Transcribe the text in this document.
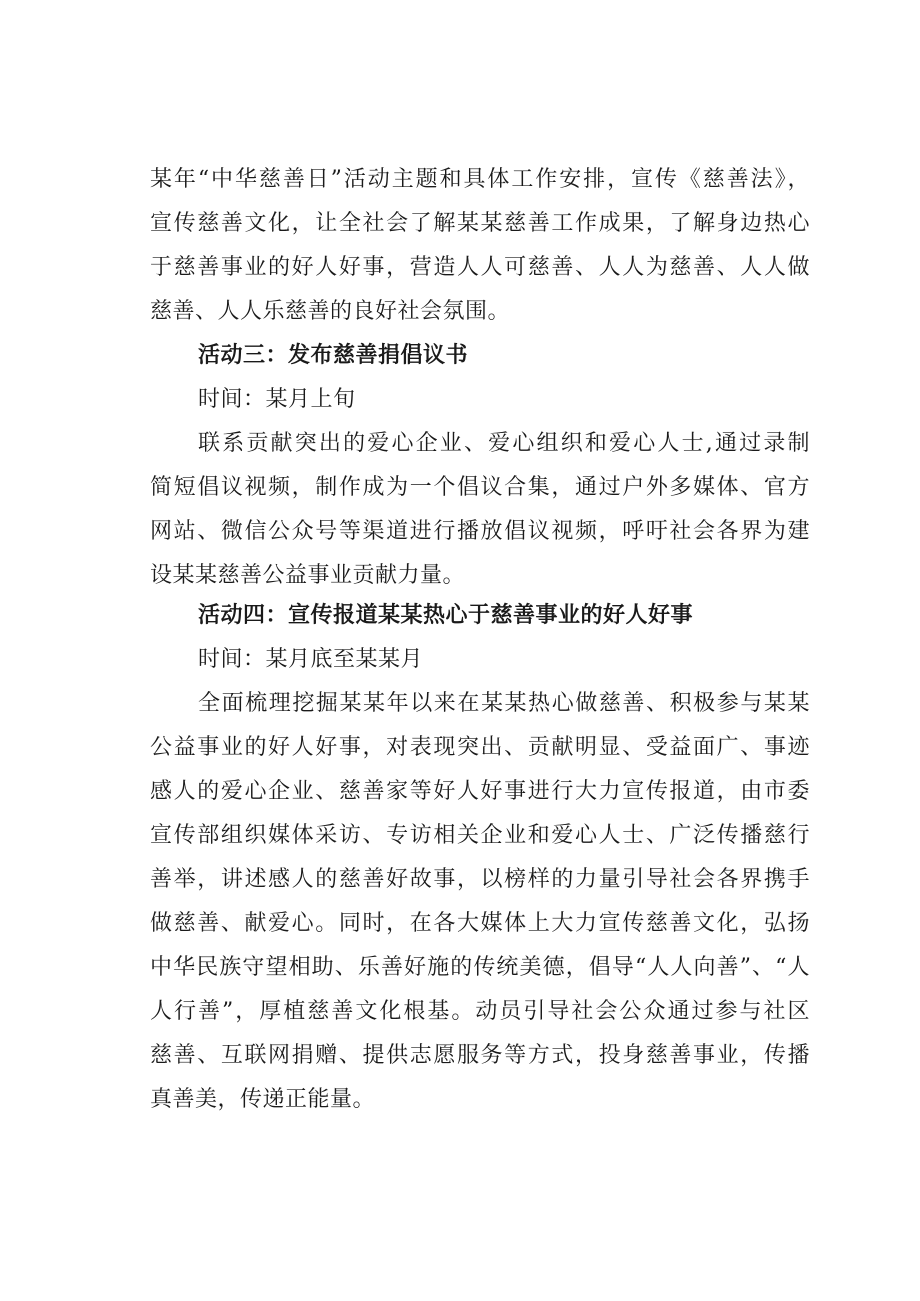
某年“中华慈善日”活动主题和具体工作安排，宣传《慈善法》，
宣传慈善文化，让全社会了解某某慈善工作成果，了解身边热心
于慈善事业的好人好事，营造人人可慈善、人人为慈善、人人做
慈善、人人乐慈善的良好社会氛围。
活动三：发布慈善捐倡议书
时间：某月上旬
联系贡献突出的爱心企业、爱心组织和爱心人士,通过录制
简短倡议视频，制作成为一个倡议合集，通过户外多媒体、官方
网站、微信公众号等渠道进行播放倡议视频，呼吁社会各界为建
设某某慈善公益事业贡献力量。
活动四：宣传报道某某热心于慈善事业的好人好事
时间：某月底至某某月
全面梳理挖掘某某年以来在某某热心做慈善、积极参与某某
公益事业的好人好事，对表现突出、贡献明显、受益面广、事迹
感人的爱心企业、慈善家等好人好事进行大力宣传报道，由市委
宣传部组织媒体采访、专访相关企业和爱心人士、广泛传播慈行
善举，讲述感人的慈善好故事，以榜样的力量引导社会各界携手
做慈善、献爱心。同时，在各大媒体上大力宣传慈善文化，弘扬
中华民族守望相助、乐善好施的传统美德，倡导“人人向善”、“人
人行善”，厚植慈善文化根基。动员引导社会公众通过参与社区
慈善、互联网捐赠、提供志愿服务等方式，投身慈善事业，传播
真善美，传递正能量。
